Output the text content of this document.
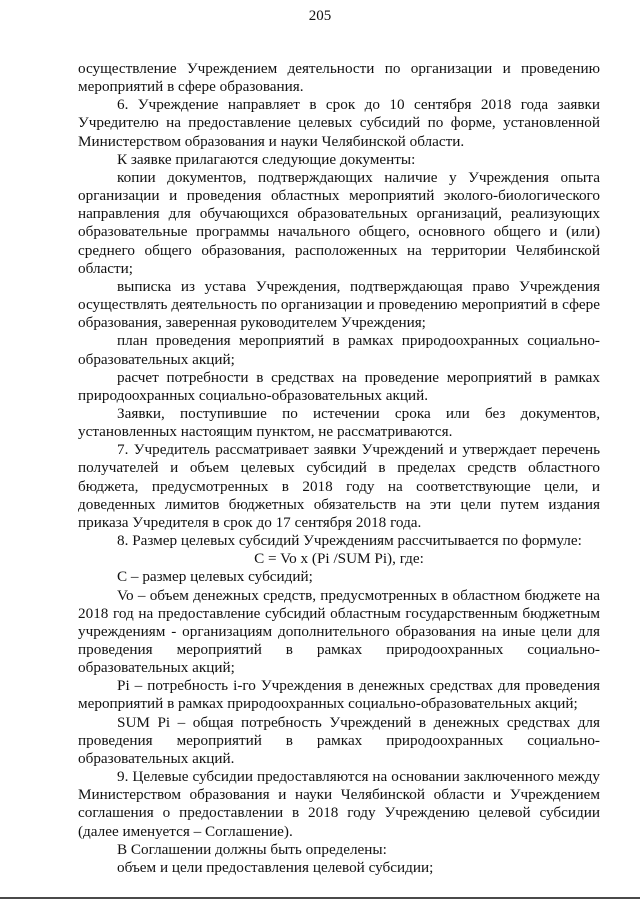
205

осуществление Учреждением деятельности по организации и проведению мероприятий в сфере образования.

6. Учреждение направляет в срок до 10 сентября 2018 года заявки Учредителю на предоставление целевых субсидий по форме, установленной Министерством образования и науки Челябинской области.

К заявке прилагаются следующие документы:

копии документов, подтверждающих наличие у Учреждения опыта организации и проведения областных мероприятий эколого-биологического направления для обучающихся образовательных организаций, реализующих образовательные программы начального общего, основного общего и (или) среднего общего образования, расположенных на территории Челябинской области;

выписка из устава Учреждения, подтверждающая право Учреждения осуществлять деятельность по организации и проведению мероприятий в сфере образования, заверенная руководителем Учреждения;

план проведения мероприятий в рамках природоохранных социально-образовательных акций;

расчет потребности в средствах на проведение мероприятий в рамках природоохранных социально-образовательных акций.

Заявки, поступившие по истечении срока или без документов, установленных настоящим пунктом, не рассматриваются.

7. Учредитель рассматривает заявки Учреждений и утверждает перечень получателей и объем целевых субсидий в пределах средств областного бюджета, предусмотренных в 2018 году на соответствующие цели, и доведенных лимитов бюджетных обязательств на эти цели путем издания приказа Учредителя в срок до 17 сентября 2018 года.

8. Размер целевых субсидий Учреждениям рассчитывается по формуле:

C = Vo x (Pi /SUM Pi), где:

C – размер целевых субсидий;

Vo – объем денежных средств, предусмотренных в областном бюджете на 2018 год на предоставление субсидий областным государственным бюджетным учреждениям - организациям дополнительного образования на иные цели для проведения мероприятий в рамках природоохранных социально-образовательных акций;

Pi – потребность i-го Учреждения в денежных средствах для проведения мероприятий в рамках природоохранных социально-образовательных акций;

SUM Pi – общая потребность Учреждений в денежных средствах для проведения мероприятий в рамках природоохранных социально-образовательных акций.

9. Целевые субсидии предоставляются на основании заключенного между Министерством образования и науки Челябинской области и Учреждением соглашения о предоставлении в 2018 году Учреждению целевой субсидии (далее именуется – Соглашение).

В Соглашении должны быть определены:

объем и цели предоставления целевой субсидии;
